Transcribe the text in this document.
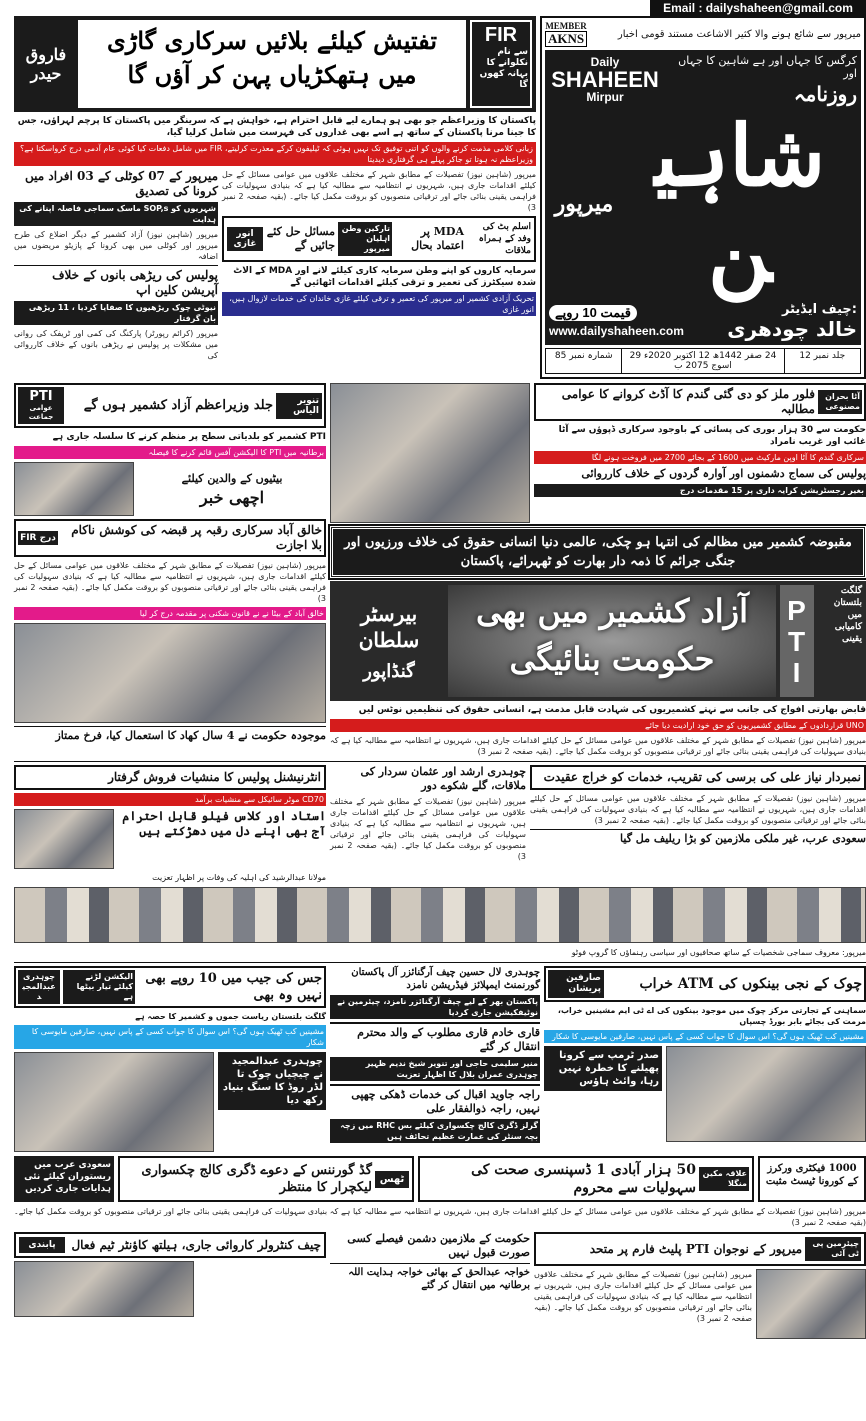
Email : dailyshaheen@gmail.com
فاروق حیدر
تفتیش کیلئے بلائیں سرکاری گاڑی میں ہتھکڑیاں پہن کر آؤں گا
FIR
سے نام نکلوانے کا بہانہ کھوں گا
پاکستان کا وزیراعظم جو بھی ہو ہمارے لیے قابل احترام ہے، خواہش ہے کہ سرینگر میں پاکستان کا پرچم لہراؤں، جس کا جینا مرنا پاکستان کے ساتھ ہے اسے بھی غداروں کی فہرست میں شامل کرلیا گیا،
زبانی کلامی مذمت کرنے والوں کو اتنی توفیق تک نہیں ہوئی کہ ٹیلیفون کرکے معذرت کرلیتے، FIR میں شامل دفعات کیا کوئی عام آدمی درج کرواسکتا ہے؟ وزیراعظم نہ ہوتا تو جاکر پہلے ہی گرفتاری دیدیتا
میرپور کے 07 کوٹلی کے 03 افراد میں کرونا کی تصدیق
شہریوں کو SOP,s ماسک سماجی فاصلہ اپنانے کی ہدایت
میرپور (شاہین نیوز) آزاد کشمیر کے دیگر اضلاع کی طرح میرپور اور کوٹلی میں بھی کرونا کے پازیٹو مریضوں میں اضافہ
پولیس کی ریڑھی بانوں کے خلاف آپریشن کلین اپ
نیوٹی چوک ریڑھیوں کا صفایا کردیا ، 11 ریڑھی بان گرفتار
میرپور (کرائم رپورٹر) پارکنگ کی کمی اور ٹریفک کی روانی میں مشکلات پر پولیس نے ریڑھی بانوں کے خلاف کارروائی کی
میرپور (شاہین نیوز) تفصیلات کے مطابق شہر کے مختلف علاقوں میں عوامی مسائل کے حل کیلئے اقدامات جاری ہیں، شہریوں نے انتظامیہ سے مطالبہ کیا ہے کہ بنیادی سہولیات کی فراہمی یقینی بنائی جائے اور ترقیاتی منصوبوں کو بروقت مکمل کیا جائے۔ (بقیہ صفحہ 2 نمبر 3)
انور غازی
مسائل حل کئے جائیں گے
تارکین وطن اہلیان میرپور
MDA پر اعتماد بحال
اسلم بٹ کی وفد کے ہمراہ ملاقات
سرمایہ کاروں کو اپنے وطن سرمایہ کاری کیلئے لانے اور MDA کے الاٹ شدہ سیکٹرز کی تعمیر و ترقی کیلئے اقدامات اٹھائیں گے
تحریک آزادی کشمیر اور میرپور کی تعمیر و ترقی کیلئے غازی خاندان کی خدمات لازوال ہیں، انور غازی
MEMBER
AKNS	میرپور سے شائع ہونے والا کثیر الاشاعت مستند قومی اخبار
Daily
SHAHEEN
Mirpur
کرگس کا جہاں اور ہے شاہین کا جہاں اور
روزنامہ
میرپور شاہین
قیمت 10 روپے
www.dailyshaheen.com
چیف ایڈیٹر:
خالد چودھری
شمارہ نمبر 85	24 صفر 1442ھ 12 اکتوبر 2020ء 29 اسوج 2075 ب
جلد نمبر 12
PTI
عوامی جماعت
جلد وزیراعظم آزاد کشمیر ہوں گے	تنویر الیاس
PTI کشمیر کو بلدیاتی سطح پر منظم کرنے کا سلسلہ جاری ہے
برطانیہ میں PTI کا الیکشن آفس قائم کرنے کا فیصلہ
بیٹیوں کے والدین کیلئے
اچھی خبر
FIR درج
خالق آباد سرکاری رقبہ پر قبضہ کی کوشش ناکام بلا اجازت
میرپور (شاہین نیوز) تفصیلات کے مطابق شہر کے مختلف علاقوں میں عوامی مسائل کے حل کیلئے اقدامات جاری ہیں، شہریوں نے انتظامیہ سے مطالبہ کیا ہے کہ بنیادی سہولیات کی فراہمی یقینی بنائی جائے اور ترقیاتی منصوبوں کو بروقت مکمل کیا جائے۔ (بقیہ صفحہ 2 نمبر 3)
خالق آباد کے بیٹا نے نے قانون شکنی پر مقدمہ درج کر لیا
موجودہ حکومت نے 4 سال کھاد کا استعمال کیا، فرخ ممتاز
فلور ملز کو دی گئی گندم کا آڈٹ کروانے کا عوامی مطالبہ
آٹا بحران مصنوعی
حکومت سے 30 ہزار بوری کی پسائی کے باوجود سرکاری ڈپوؤں سے آٹا غائب اور غریب نامراد
سرکاری گندم کا آٹا اوپن مارکیٹ میں 1600 کے بجائے 2700 میں فروخت ہونے لگا
پولیس کی سماج دشمنوں اور آوارہ گردوں کے خلاف کارروائی
بغیر رجسٹریشن کرایہ داری پر 15 مقدمات درج
مقبوضہ کشمیر میں مظالم کی انتہا ہو چکی، عالمی دنیا انسانی حقوق کی خلاف ورزیوں اور جنگی جرائم کا ذمہ دار بھارت کو ٹھہرائے، پاکستان
بیرسٹر سلطان
گنڈاپور
آزاد کشمیر میں بھی حکومت بنائیگی	PTI
گلگت بلتستان میں کامیابی یقینی
قابض بھارتی افواج کی جانب سے نہتے کشمیریوں کی شہادت قابل مذمت ہے، انسانی حقوق کی تنظیمیں نوٹس لیں
UNO قراردادوں کے مطابق کشمیریوں کو حق خود ارادیت دیا جائے
میرپور (شاہین نیوز) تفصیلات کے مطابق شہر کے مختلف علاقوں میں عوامی مسائل کے حل کیلئے اقدامات جاری ہیں، شہریوں نے انتظامیہ سے مطالبہ کیا ہے کہ بنیادی سہولیات کی فراہمی یقینی بنائی جائے اور ترقیاتی منصوبوں کو بروقت مکمل کیا جائے۔ (بقیہ صفحہ 2 نمبر 3)
انٹرنیشنل پولیس کا منشیات فروش گرفتار
CD70 موٹر سائیکل سے منشیات برآمد
استاد اور کلاس فیلو قابل احترام آج بھی اپنے دل میں دھڑکتے ہیں
مولانا عبدالرشید کی اہلیہ کی وفات پر اظہار تعزیت
چوہدری ارشد اور عثمان سردار کی ملاقات، گلے شکوے دور
میرپور (شاہین نیوز) تفصیلات کے مطابق شہر کے مختلف علاقوں میں عوامی مسائل کے حل کیلئے اقدامات جاری ہیں، شہریوں نے انتظامیہ سے مطالبہ کیا ہے کہ بنیادی سہولیات کی فراہمی یقینی بنائی جائے اور ترقیاتی منصوبوں کو بروقت مکمل کیا جائے۔ (بقیہ صفحہ 2 نمبر 3)
نمبردار نیاز علی کی برسی کی تقریب، خدمات کو خراج عقیدت
میرپور (شاہین نیوز) تفصیلات کے مطابق شہر کے مختلف علاقوں میں عوامی مسائل کے حل کیلئے اقدامات جاری ہیں، شہریوں نے انتظامیہ سے مطالبہ کیا ہے کہ بنیادی سہولیات کی فراہمی یقینی بنائی جائے اور ترقیاتی منصوبوں کو بروقت مکمل کیا جائے۔ (بقیہ صفحہ 2 نمبر 3)
سعودی عرب، غیر ملکی ملازمین کو بڑا ریلیف مل گیا
میرپور: معروف سماجی شخصیات کے ساتھ صحافیوں اور سیاسی رہنماؤں کا گروپ فوٹو
چوہدری عبدالمجید
الیکشن لڑنے کیلئے تیار بیٹھا ہے
جس کی جیب میں 10 روپے بھی نہیں وہ بھی
گلگت بلتستان ریاست جموں و کشمیر کا حصہ ہے
مشینیں کب ٹھیک ہوں گی؟ اس سوال کا جواب کسی کے پاس نہیں، صارفین مایوسی کا شکار
چوہدری عبدالمجید نے چیچیاں چوک تا لڈر روڈ کا سنگ بنیاد رکھ دیا
چوہدری لال حسین چیف آرگنائزر آل پاکستان گورنمنٹ ایمپلائز فیڈریشن نامزد
پاکستان بھر کے لیے چیف آرگنائزر نامزد، چیئرمین نے نوٹیفکیشن جاری کردیا
قاری خادم قاری مطلوب کے والد محترم انتقال کر گئے
منیر سلیمی حاجی اور تنویر شیخ ندیم ظہیر چوہدری عمران بلال کا اظہار تعزیت
راجہ جاوید اقبال کی خدمات ڈھکی چھپی نہیں، راجہ ذوالفقار علی
گرلز ڈگری کالج چکسواری کیلئے بس RHC میں زچہ بچہ سنٹر کی عمارت عظیم تحائف ہیں
صارفین پریشان	چوک کے نجی بینکوں کی ATM خراب
سماہنی کے تجارتی مرکز چوک میں موجود بینکوں کی اے ٹی ایم مشینیں خراب، مرمت کی بجائے بابر بورڈ چسپاں
مشینیں کب ٹھیک ہوں گی؟ اس سوال کا جواب کسی کے پاس نہیں، صارفین مایوسی کا شکار
صدر ٹرمپ سے کرونا پھیلنے کا خطرہ نہیں رہا، وائٹ ہاؤس
سعودی عرب میں ریستوران کیلئے نئی ہدایات جاری کردیں
گڈ گورننس کے دعوے ڈگری کالج چکسواری لیکچرار کا منتظر
ٹھس
50 ہزار آبادی 1 ڈسپنسری صحت کی سہولیات سے محروم
علاقہ مکین منگلا
1000 فیکٹری ورکرز کے کورونا ٹیسٹ مثبت
میرپور (شاہین نیوز) تفصیلات کے مطابق شہر کے مختلف علاقوں میں عوامی مسائل کے حل کیلئے اقدامات جاری ہیں، شہریوں نے انتظامیہ سے مطالبہ کیا ہے کہ بنیادی سہولیات کی فراہمی یقینی بنائی جائے اور ترقیاتی منصوبوں کو بروقت مکمل کیا جائے۔ (بقیہ صفحہ 2 نمبر 3)
پابندی	چیف کنٹرولر کاروائی جاری، ہیلتھ کاؤنٹر ٹیم فعال	حکومت کے ملازمین دشمن فیصلے کسی صورت قبول نہیں
خواجہ عبدالحق کے بھائی خواجہ ہدایت اللہ برطانیہ میں انتقال کر گئے
میرپور کے نوجوان PTI پلیٹ فارم پر متحد	چیئرمین پی ٹی آئی
میرپور (شاہین نیوز) تفصیلات کے مطابق شہر کے مختلف علاقوں میں عوامی مسائل کے حل کیلئے اقدامات جاری ہیں، شہریوں نے انتظامیہ سے مطالبہ کیا ہے کہ بنیادی سہولیات کی فراہمی یقینی بنائی جائے اور ترقیاتی منصوبوں کو بروقت مکمل کیا جائے۔ (بقیہ صفحہ 2 نمبر 3)
